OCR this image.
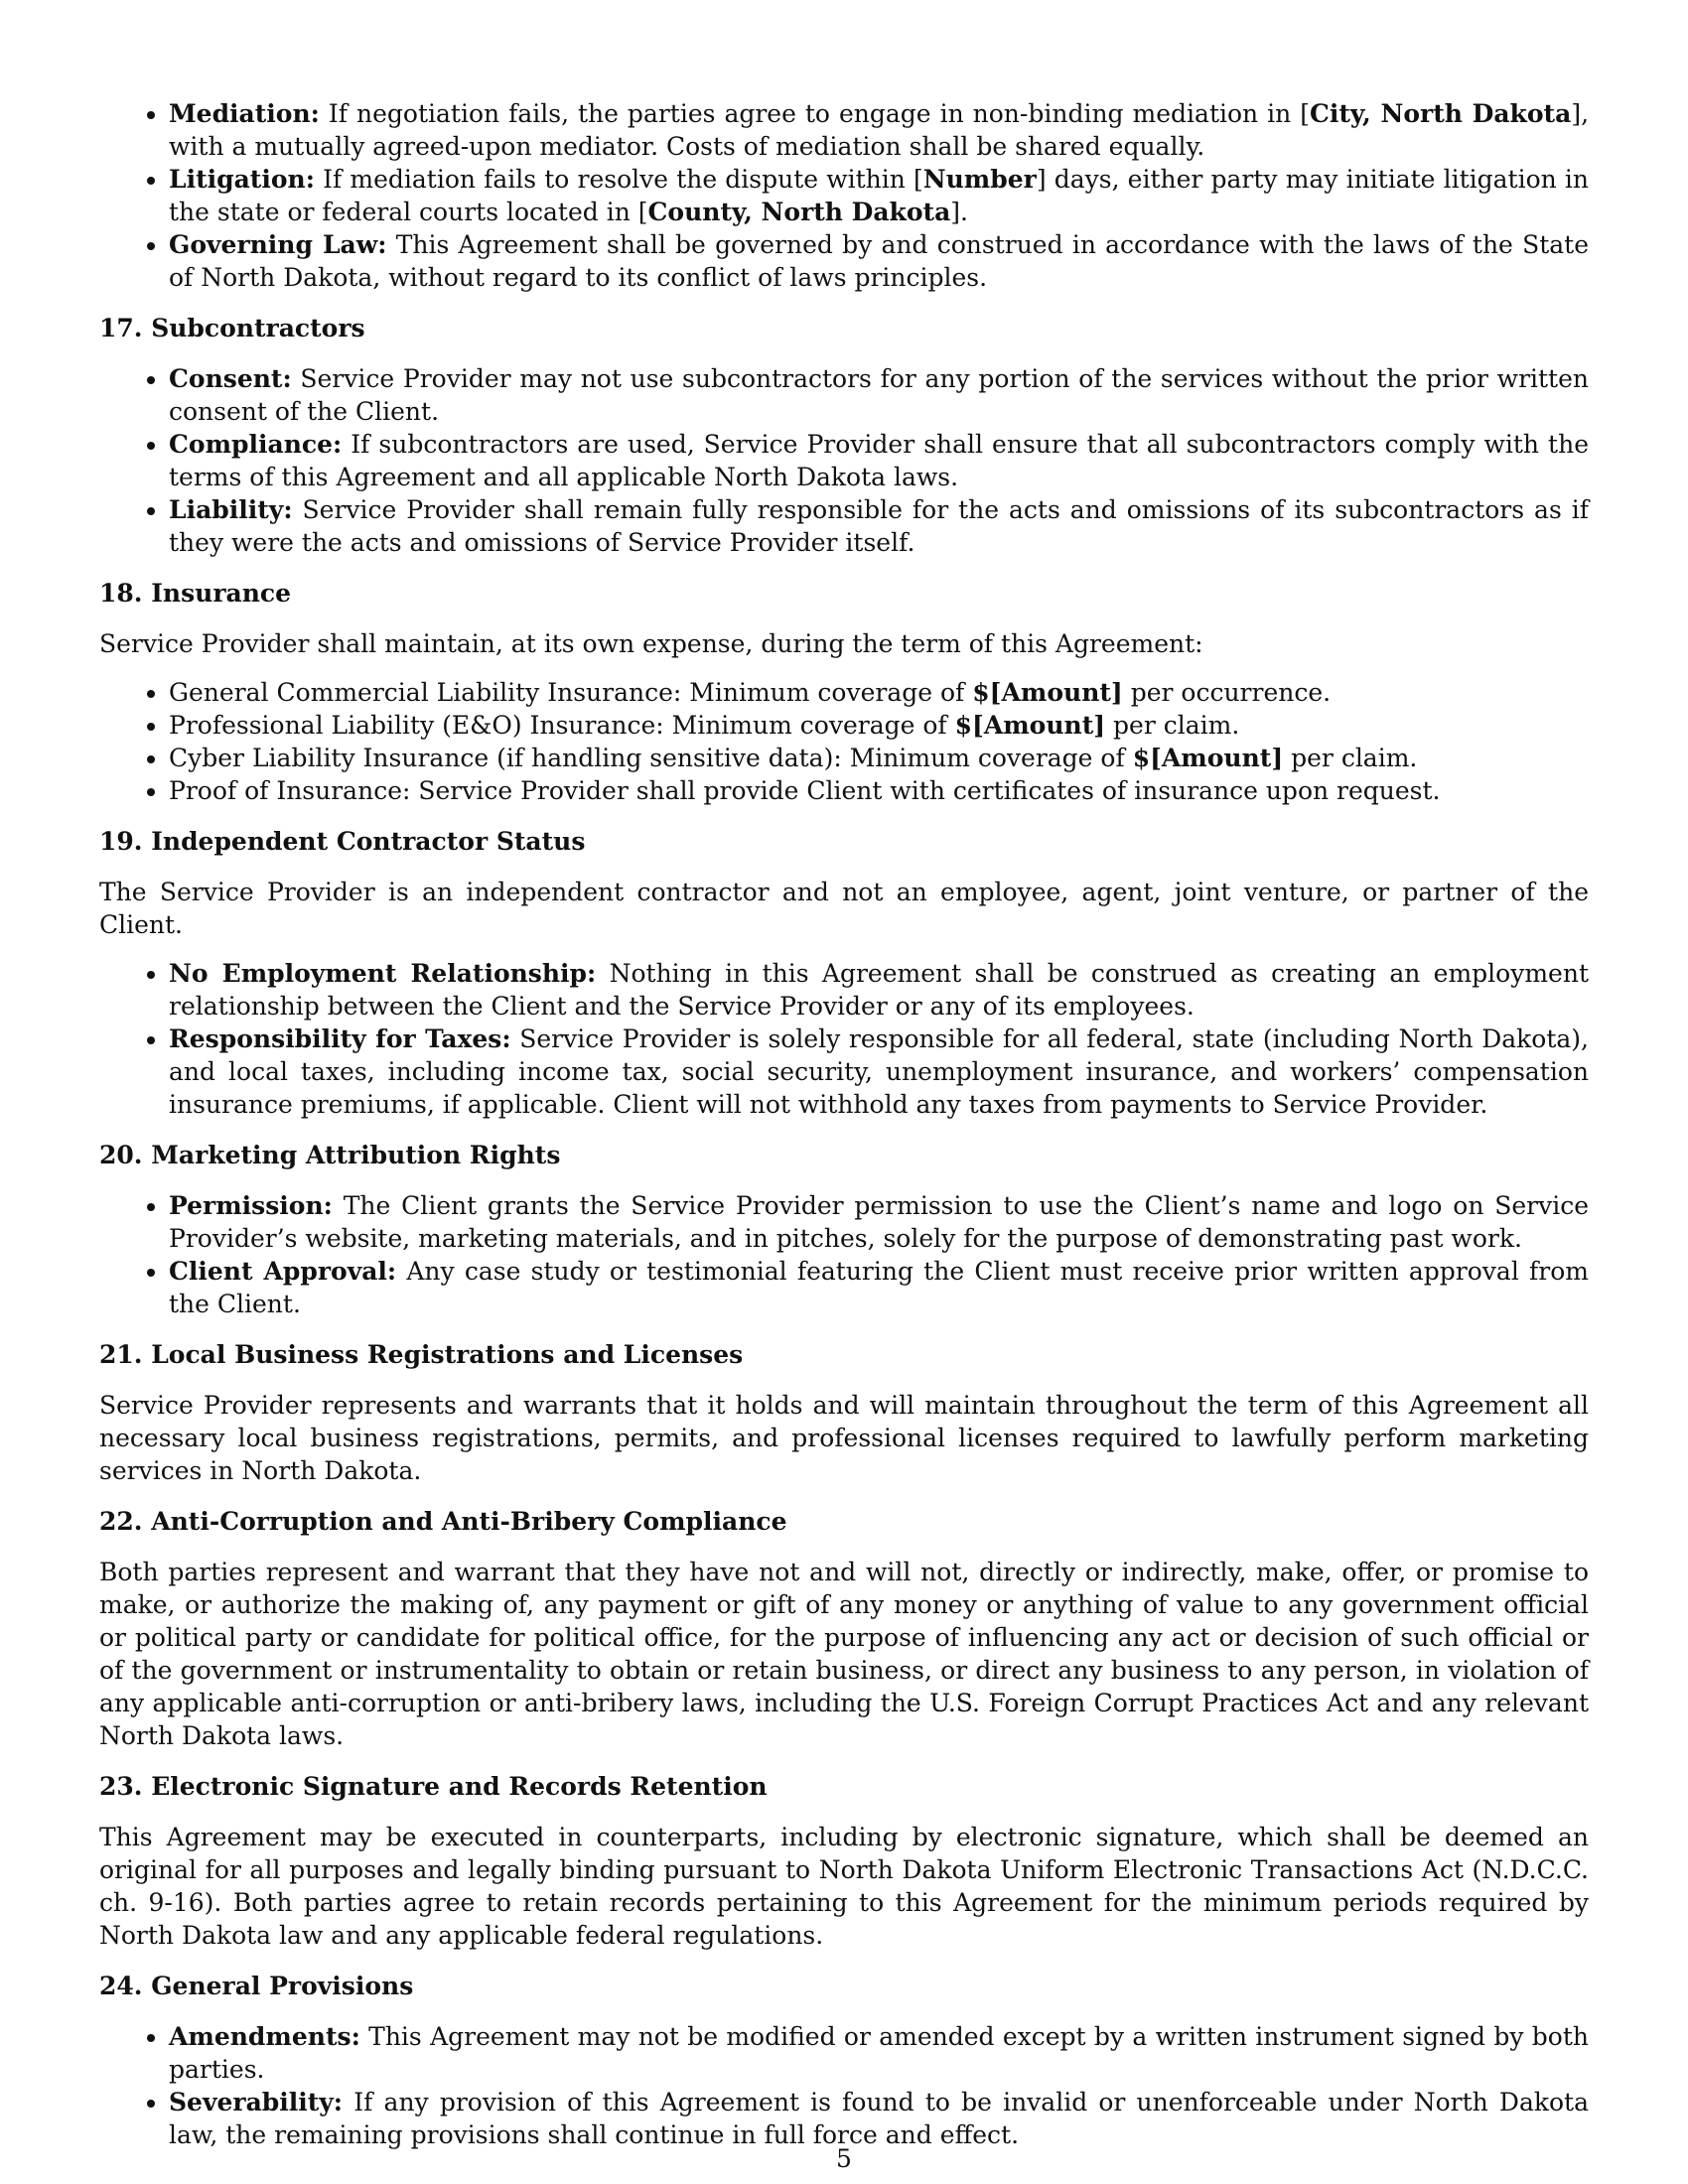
• Mediation: If negotiation fails, the parties agree to engage in non-binding mediation in [City, North Dakota], with a mutually agreed-upon mediator. Costs of mediation shall be shared equally.
• Litigation: If mediation fails to resolve the dispute within [Number] days, either party may initiate litigation in the state or federal courts located in [County, North Dakota].
• Governing Law: This Agreement shall be governed by and construed in accordance with the laws of the State of North Dakota, without regard to its conflict of laws principles.
17. Subcontractors
• Consent: Service Provider may not use subcontractors for any portion of the services without the prior written consent of the Client.
• Compliance: If subcontractors are used, Service Provider shall ensure that all subcontractors comply with the terms of this Agreement and all applicable North Dakota laws.
• Liability: Service Provider shall remain fully responsible for the acts and omissions of its subcontractors as if they were the acts and omissions of Service Provider itself.
18. Insurance

Service Provider shall maintain, at its own expense, during the term of this Agreement:

• General Commercial Liability Insurance: Minimum coverage of $[Amount] per occurrence.
• Professional Liability (E&O) Insurance: Minimum coverage of $[Amount] per claim.
• Cyber Liability Insurance (if handling sensitive data): Minimum coverage of $[Amount] per claim.
• Proof of Insurance: Service Provider shall provide Client with certificates of insurance upon request.
19. Independent Contractor Status

The Service Provider is an independent contractor and not an employee, agent, joint venture, or partner of the Client.

• No Employment Relationship: Nothing in this Agreement shall be construed as creating an employment relationship between the Client and the Service Provider or any of its employees.
• Responsibility for Taxes: Service Provider is solely responsible for all federal, state (including North Dakota), and local taxes, including income tax, social security, unemployment insurance, and workers’ compensation insurance premiums, if applicable. Client will not withhold any taxes from payments to Service Provider.
20. Marketing Attribution Rights
• Permission: The Client grants the Service Provider permission to use the Client’s name and logo on Service Provider’s website, marketing materials, and in pitches, solely for the purpose of demonstrating past work.
• Client Approval: Any case study or testimonial featuring the Client must receive prior written approval from the Client.
21. Local Business Registrations and Licenses

Service Provider represents and warrants that it holds and will maintain throughout the term of this Agreement all necessary local business registrations, permits, and professional licenses required to lawfully perform marketing services in North Dakota.

22. Anti-Corruption and Anti-Bribery Compliance

Both parties represent and warrant that they have not and will not, directly or indirectly, make, offer, or promise to make, or authorize the making of, any payment or gift of any money or anything of value to any government official or political party or candidate for political office, for the purpose of influencing any act or decision of such official or of the government or instrumentality to obtain or retain business, or direct any business to any person, in violation of any applicable anti-corruption or anti-bribery laws, including the U.S. Foreign Corrupt Practices Act and any relevant North Dakota laws.

23. Electronic Signature and Records Retention

This Agreement may be executed in counterparts, including by electronic signature, which shall be deemed an original for all purposes and legally binding pursuant to North Dakota Uniform Electronic Transactions Act (N.D.C.C. ch. 9-16). Both parties agree to retain records pertaining to this Agreement for the minimum periods required by North Dakota law and any applicable federal regulations.

24. General Provisions
• Amendments: This Agreement may not be modified or amended except by a written instrument signed by both parties.
• Severability: If any provision of this Agreement is found to be invalid or unenforceable under North Dakota law, the remaining provisions shall continue in full force and effect.
5
